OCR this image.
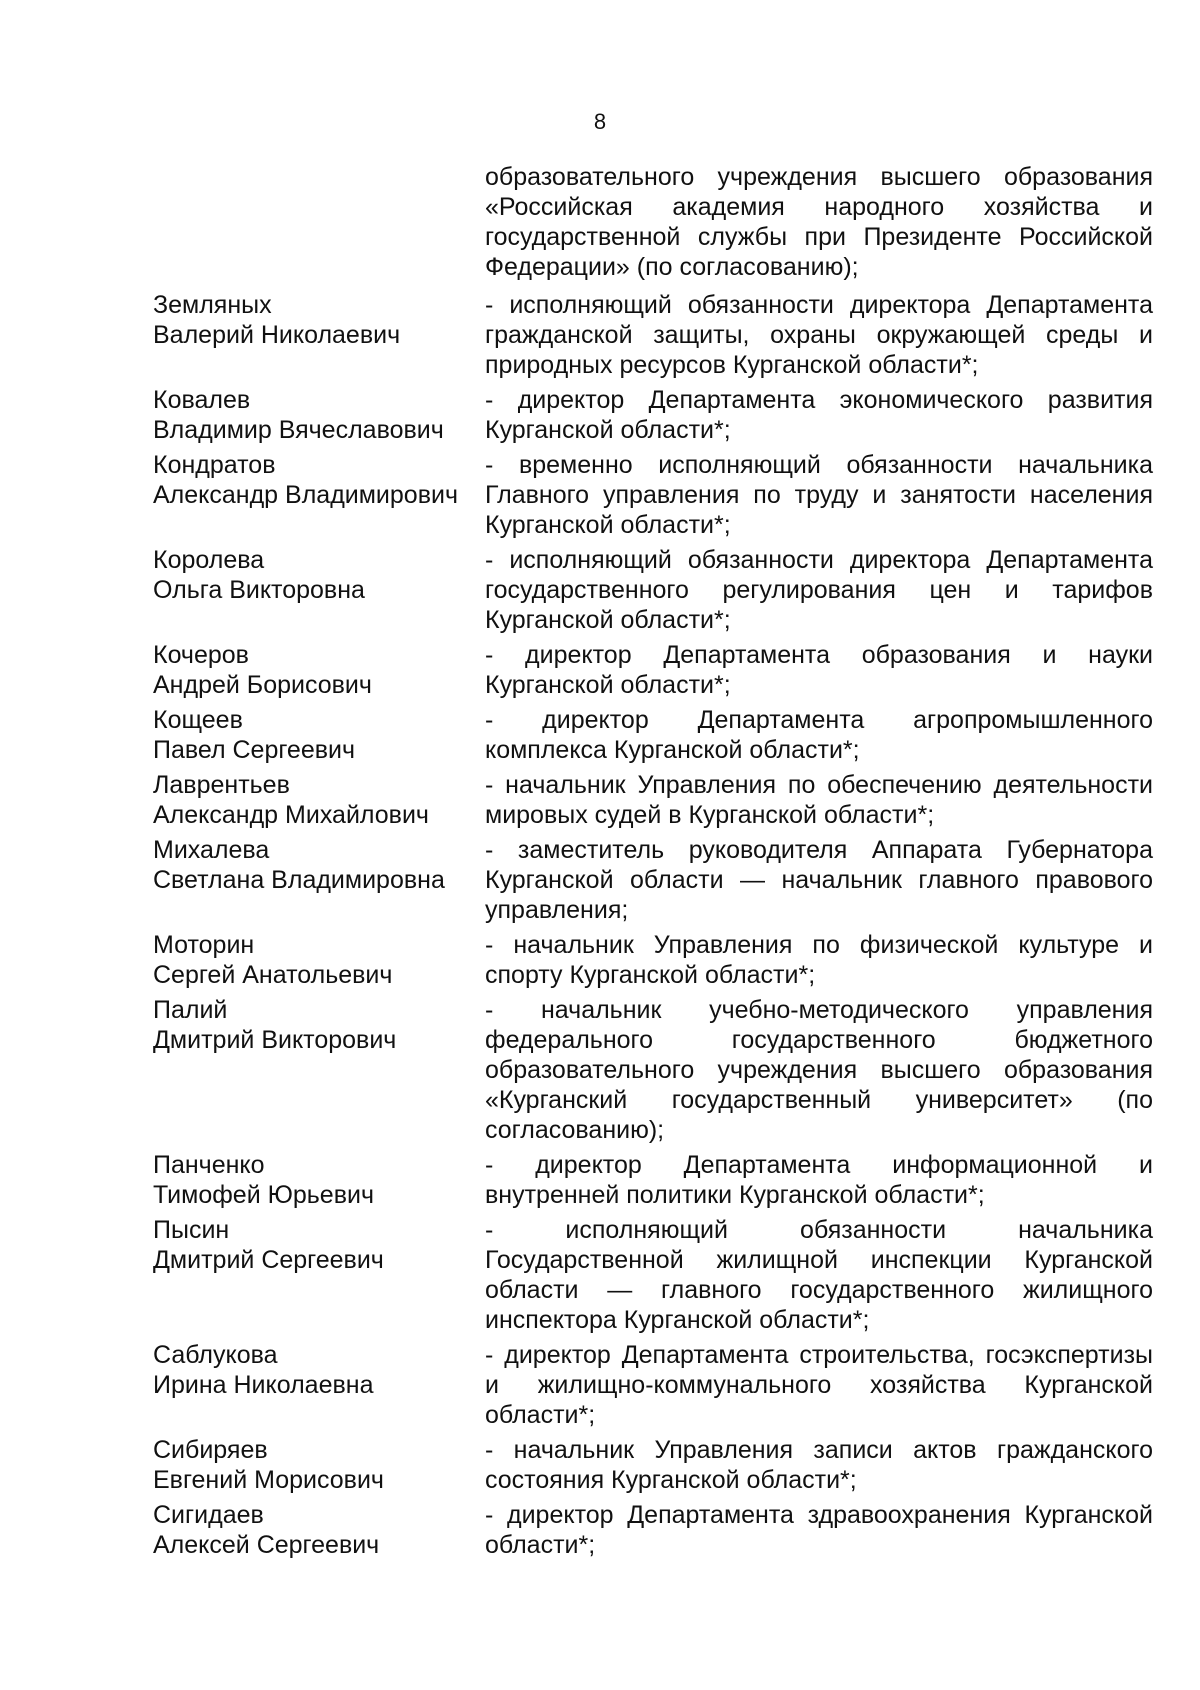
8

образовательного учреждения высшего образования «Российская академия народного хозяйства и государственной службы при Президенте Российской Федерации» (по согласованию);

Земляных
Валерий Николаевич
- исполняющий обязанности директора Департамента гражданской защиты, охраны окружающей среды и природных ресурсов Курганской области*;
Ковалев
Владимир Вячеславович
- директор Департамента экономического развития Курганской области*;
Кондратов
Александр Владимирович
- временно исполняющий обязанности начальника Главного управления по труду и занятости населения Курганской области*;
Королева
Ольга Викторовна
- исполняющий обязанности директора Департамента государственного регулирования цен и тарифов Курганской области*;
Кочеров
Андрей Борисович
- директор Департамента образования и науки Курганской области*;
Кощеев
Павел Сергеевич
- директор Департамента агропромышленного комплекса Курганской области*;
Лаврентьев
Александр Михайлович
- начальник Управления по обеспечению деятельности мировых судей в Курганской области*;
Михалева
Светлана Владимировна
- заместитель руководителя Аппарата Губернатора Курганской области — начальник главного правового управления;
Моторин
Сергей Анатольевич
- начальник Управления по физической культуре и спорту Курганской области*;
Палий
Дмитрий Викторович
- начальник учебно-методического управления федерального государственного бюджетного образовательного учреждения высшего образования «Курганский государственный университет» (по согласованию);
Панченко
Тимофей Юрьевич
- директор Департамента информационной и внутренней политики Курганской области*;
Пысин
Дмитрий Сергеевич
- исполняющий обязанности начальника Государственной жилищной инспекции Курганской области — главного государственного жилищного инспектора Курганской области*;
Саблукова
Ирина Николаевна
- директор Департамента строительства, госэкспертизы и жилищно-коммунального хозяйства Курганской области*;
Сибиряев
Евгений Морисович
- начальник Управления записи актов гражданского состояния Курганской области*;
Сигидаев
Алексей Сергеевич
- директор Департамента здравоохранения Курганской области*;
